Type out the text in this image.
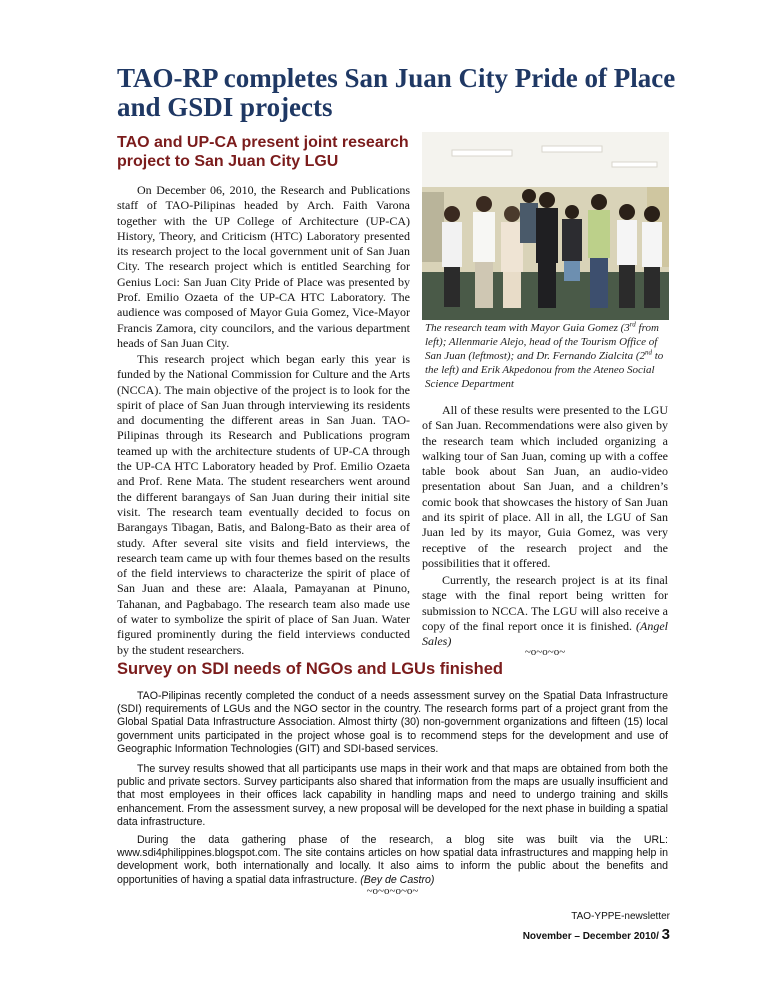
TAO-RP completes San Juan City Pride of Place and GSDI projects
TAO and UP-CA present joint research project to San Juan City LGU

On December 06, 2010, the Research and Publications staff of TAO-Pilipinas headed by Arch. Faith Varona together with the UP College of Architecture (UP-CA) History, Theory, and Criticism (HTC) Laboratory presented its research project to the local government unit of San Juan City. The research project which is entitled Searching for Genius Loci: San Juan City Pride of Place was presented by Prof. Emilio Ozaeta of the UP-CA HTC Laboratory. The audience was composed of Mayor Guia Gomez, Vice-Mayor Francis Zamora, city councilors, and the various department heads of San Juan City.

This research project which began early this year is funded by the National Commission for Culture and the Arts (NCCA). The main objective of the project is to look for the spirit of place of San Juan through interviewing its residents and documenting the different areas in San Juan. TAO-Pilipinas through its Research and Publications program teamed up with the architecture students of UP-CA through the UP-CA HTC Laboratory headed by Prof. Emilio Ozaeta and Prof. Rene Mata. The student researchers went around the different barangays of San Juan during their initial site visit. The research team eventually decided to focus on Barangays Tibagan, Batis, and Balong-Bato as their area of study. After several site visits and field interviews, the research team came up with four themes based on the results of the field interviews to characterize the spirit of place of San Juan and these are: Alaala, Pamayanan at Pinuno, Tahanan, and Pagbabago. The research team also made use of water to symbolize the spirit of place of San Juan. Water figured prominently during the field interviews conducted by the student researchers.

The research team with Mayor Guia Gomez (3rd from left); Allenmarie Alejo, head of the Tourism Office of San Juan (leftmost); and Dr. Fernando Zialcita (2nd to the left) and Erik Akpedonou from the Ateneo Social Science Department

All of these results were presented to the LGU of San Juan. Recommendations were also given by the research team which included organizing a walking tour of San Juan, coming up with a coffee table book about San Juan, an audio-video presentation about San Juan, and a children’s comic book that showcases the history of San Juan and its spirit of place. All in all, the LGU of San Juan led by its mayor, Guia Gomez, was very receptive of the research project and the possibilities that it offered.

Currently, the research project is at its final stage with the final report being written for submission to NCCA. The LGU will also receive a copy of the final report once it is finished. (Angel Sales)

~o~o~o~
Survey on SDI needs of NGOs and LGUs finished

TAO-Pilipinas recently completed the conduct of a needs assessment survey on the Spatial Data Infrastructure (SDI) requirements of LGUs and the NGO sector in the country. The research forms part of a project grant from the Global Spatial Data Infrastructure Association. Almost thirty (30) non-government organizations and fifteen (15) local government units participated in the project whose goal is to recommend steps for the development and use of Geographic Information Technologies (GIT) and SDI-based services.

The survey results showed that all participants use maps in their work and that maps are obtained from both the public and private sectors. Survey participants also shared that information from the maps are usually insufficient and that most employees in their offices lack capability in handling maps and need to undergo training and skills enhancement. From the assessment survey, a new proposal will be developed for the next phase in building a spatial data infrastructure.

During the data gathering phase of the research, a blog site was built via the URL: www.sdi4philippines.blogspot.com. The site contains articles on how spatial data infrastructures and mapping help in development work, both internationally and locally. It also aims to inform the public about the benefits and opportunities of having a spatial data infrastructure. (Bey de Castro)

~o~o~o~o~
TAO-YPPE-newsletter
November – December 2010/ 3
